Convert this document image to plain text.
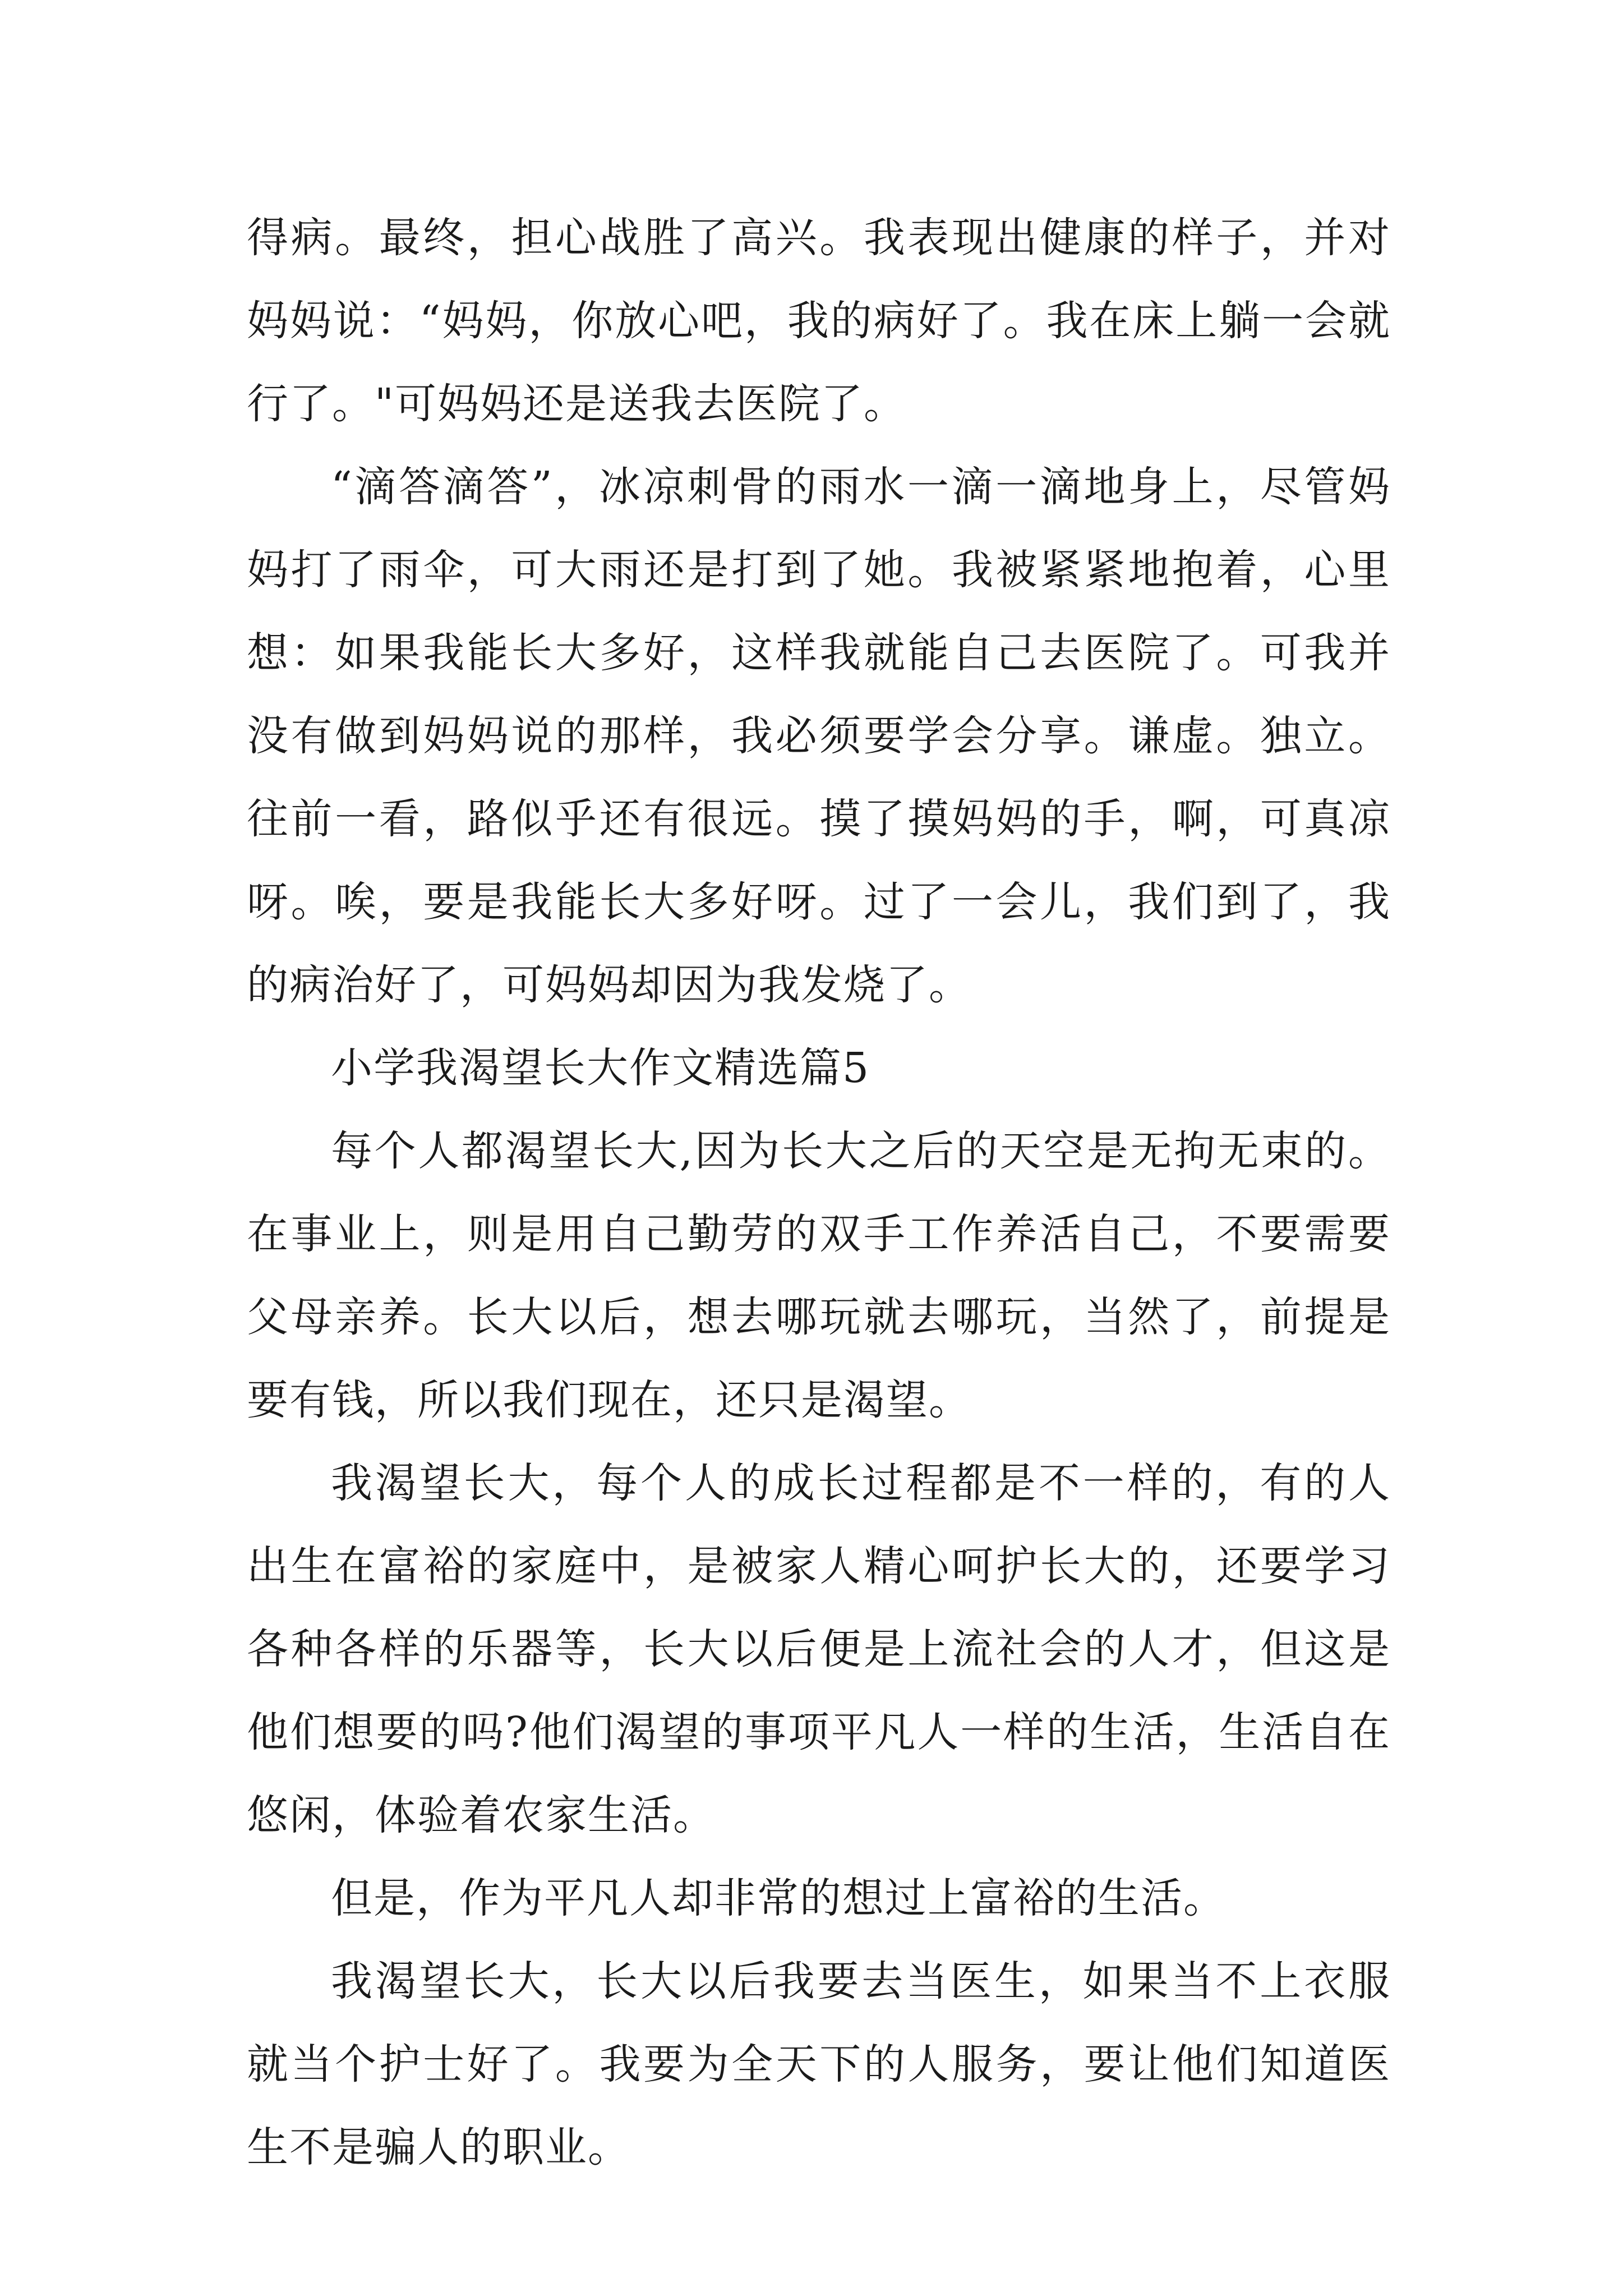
得病。最终，担心战胜了高兴。我表现出健康的样子，并对妈妈说：“妈妈，你放心吧，我的病好了。我在床上躺一会就行了。"可妈妈还是送我去医院了。

“滴答滴答”，冰凉刺骨的雨水一滴一滴地身上，尽管妈妈打了雨伞，可大雨还是打到了她。我被紧紧地抱着，心里想：如果我能长大多好，这样我就能自己去医院了。可我并没有做到妈妈说的那样，我必须要学会分享。谦虚。独立。往前一看，路似乎还有很远。摸了摸妈妈的手，啊，可真凉呀。唉，要是我能长大多好呀。过了一会儿，我们到了，我的病治好了，可妈妈却因为我发烧了。

小学我渴望长大作文精选篇5

每个人都渴望长大,因为长大之后的天空是无拘无束的。在事业上，则是用自己勤劳的双手工作养活自己，不要需要父母亲养。长大以后，想去哪玩就去哪玩，当然了，前提是要有钱，所以我们现在，还只是渴望。

我渴望长大，每个人的成长过程都是不一样的，有的人出生在富裕的家庭中，是被家人精心呵护长大的，还要学习各种各样的乐器等，长大以后便是上流社会的人才，但这是他们想要的吗?他们渴望的事项平凡人一样的生活，生活自在悠闲，体验着农家生活。

但是，作为平凡人却非常的想过上富裕的生活。

我渴望长大，长大以后我要去当医生，如果当不上衣服就当个护士好了。我要为全天下的人服务，要让他们知道医生不是骗人的职业。
